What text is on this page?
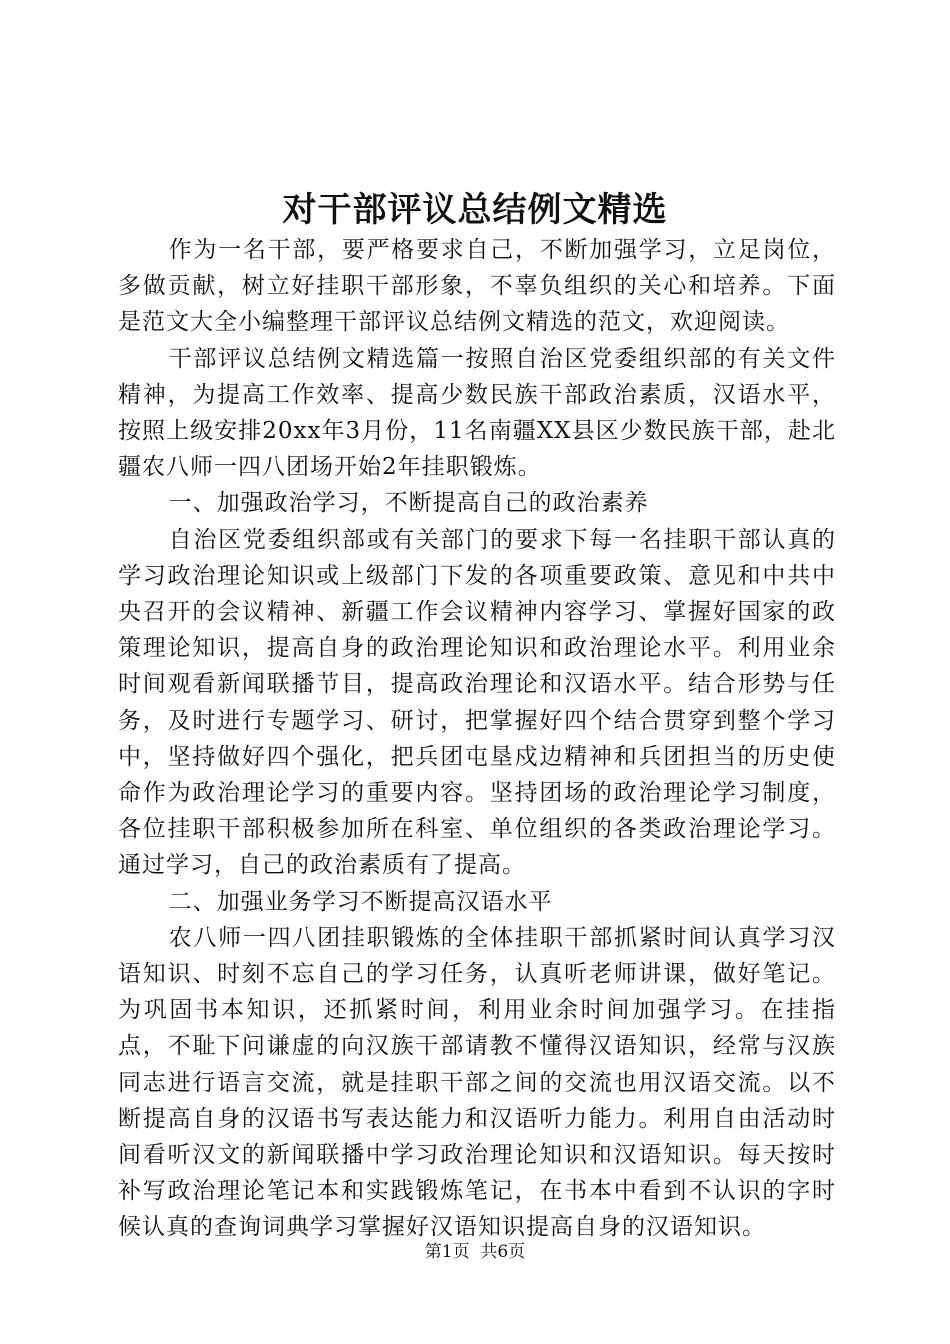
对干部评议总结例文精选

作为一名干部，要严格要求自己，不断加强学习，立足岗位，多做贡献，树立好挂职干部形象，不辜负组织的关心和培养。下面是范文大全小编整理干部评议总结例文精选的范文，欢迎阅读。

干部评议总结例文精选篇一按照自治区党委组织部的有关文件精神，为提高工作效率、提高少数民族干部政治素质，汉语水平，按照上级安排20xx年3月份，11名南疆XX县区少数民族干部，赴北疆农八师一四八团场开始2年挂职锻炼。

一、加强政治学习，不断提高自己的政治素养

自治区党委组织部或有关部门的要求下每一名挂职干部认真的学习政治理论知识或上级部门下发的各项重要政策、意见和中共中央召开的会议精神、新疆工作会议精神内容学习、掌握好国家的政策理论知识，提高自身的政治理论知识和政治理论水平。利用业余时间观看新闻联播节目，提高政治理论和汉语水平。结合形势与任务，及时进行专题学习、研讨，把掌握好四个结合贯穿到整个学习中，坚持做好四个强化，把兵团屯垦戍边精神和兵团担当的历史使命作为政治理论学习的重要内容。坚持团场的政治理论学习制度，各位挂职干部积极参加所在科室、单位组织的各类政治理论学习。通过学习，自己的政治素质有了提高。

二、加强业务学习不断提高汉语水平

农八师一四八团挂职锻炼的全体挂职干部抓紧时间认真学习汉语知识、时刻不忘自己的学习任务，认真听老师讲课，做好笔记。为巩固书本知识，还抓紧时间，利用业余时间加强学习。在挂指点，不耻下问谦虚的向汉族干部请教不懂得汉语知识，经常与汉族同志进行语言交流，就是挂职干部之间的交流也用汉语交流。以不断提高自身的汉语书写表达能力和汉语听力能力。利用自由活动时间看听汉文的新闻联播中学习政治理论知识和汉语知识。每天按时补写政治理论笔记本和实践锻炼笔记，在书本中看到不认识的字时候认真的查询词典学习掌握好汉语知识提高自身的汉语知识。

第1页 共6页
